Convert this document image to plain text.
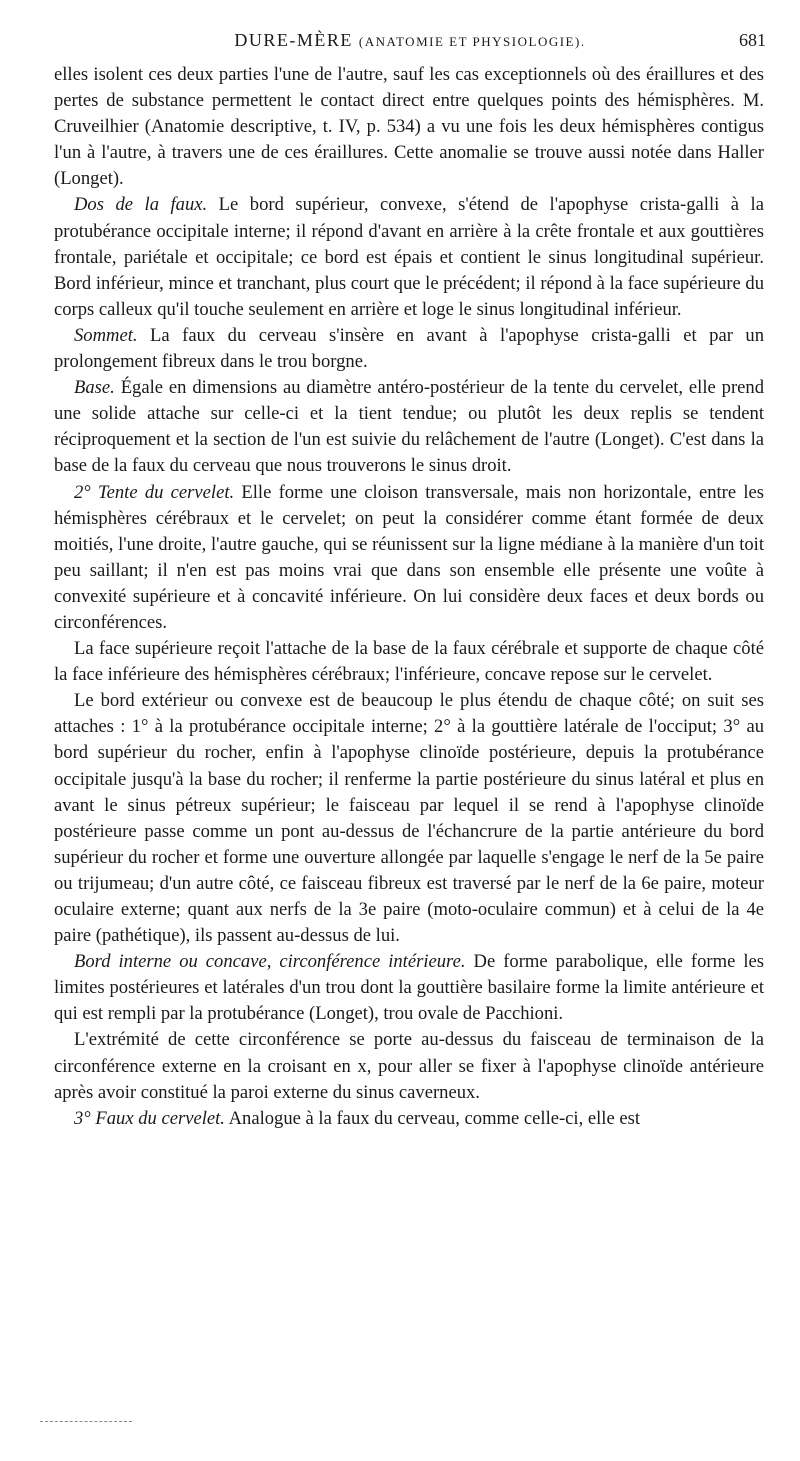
DURE-MÈRE (ANATOMIE ET PHYSIOLOGIE).	681

elles isolent ces deux parties l'une de l'autre, sauf les cas exceptionnels où des éraillures et des pertes de substance permettent le contact direct entre quelques points des hémisphères. M. Cruveilhier (Anatomie descriptive, t. IV, p. 534) a vu une fois les deux hémisphères contigus l'un à l'autre, à travers une de ces éraillures. Cette anomalie se trouve aussi notée dans Haller (Longet).

Dos de la faux. Le bord supérieur, convexe, s'étend de l'apophyse crista-galli à la protubérance occipitale interne; il répond d'avant en arrière à la crête frontale et aux gouttières frontale, pariétale et occipitale; ce bord est épais et contient le sinus longitudinal supérieur. Bord inférieur, mince et tranchant, plus court que le précédent; il répond à la face supérieure du corps calleux qu'il touche seulement en arrière et loge le sinus longitudinal inférieur.

Sommet. La faux du cerveau s'insère en avant à l'apophyse crista-galli et par un prolongement fibreux dans le trou borgne.

Base. Égale en dimensions au diamètre antéro-postérieur de la tente du cervelet, elle prend une solide attache sur celle-ci et la tient tendue; ou plutôt les deux replis se tendent réciproquement et la section de l'un est suivie du relâchement de l'autre (Longet). C'est dans la base de la faux du cerveau que nous trouverons le sinus droit.

2° Tente du cervelet. Elle forme une cloison transversale, mais non horizontale, entre les hémisphères cérébraux et le cervelet; on peut la considérer comme étant formée de deux moitiés, l'une droite, l'autre gauche, qui se réunissent sur la ligne médiane à la manière d'un toit peu saillant; il n'en est pas moins vrai que dans son ensemble elle présente une voûte à convexité supérieure et à concavité inférieure. On lui considère deux faces et deux bords ou circonférences.

La face supérieure reçoit l'attache de la base de la faux cérébrale et supporte de chaque côté la face inférieure des hémisphères cérébraux; l'inférieure, concave repose sur le cervelet.

Le bord extérieur ou convexe est de beaucoup le plus étendu de chaque côté; on suit ses attaches : 1° à la protubérance occipitale interne; 2° à la gouttière latérale de l'occiput; 3° au bord supérieur du rocher, enfin à l'apophyse clinoïde postérieure, depuis la protubérance occipitale jusqu'à la base du rocher; il renferme la partie postérieure du sinus latéral et plus en avant le sinus pétreux supérieur; le faisceau par lequel il se rend à l'apophyse clinoïde postérieure passe comme un pont au-dessus de l'échancrure de la partie antérieure du bord supérieur du rocher et forme une ouverture allongée par laquelle s'engage le nerf de la 5e paire ou trijumeau; d'un autre côté, ce faisceau fibreux est traversé par le nerf de la 6e paire, moteur oculaire externe; quant aux nerfs de la 3e paire (moto-oculaire commun) et à celui de la 4e paire (pathétique), ils passent au-dessus de lui.

Bord interne ou concave, circonférence intérieure. De forme parabolique, elle forme les limites postérieures et latérales d'un trou dont la gouttière basilaire forme la limite antérieure et qui est rempli par la protubérance (Longet), trou ovale de Pacchioni.

L'extrémité de cette circonférence se porte au-dessus du faisceau de terminaison de la circonférence externe en la croisant en x, pour aller se fixer à l'apophyse clinoïde antérieure après avoir constitué la paroi externe du sinus caverneux.

3° Faux du cervelet. Analogue à la faux du cerveau, comme celle-ci, elle est
